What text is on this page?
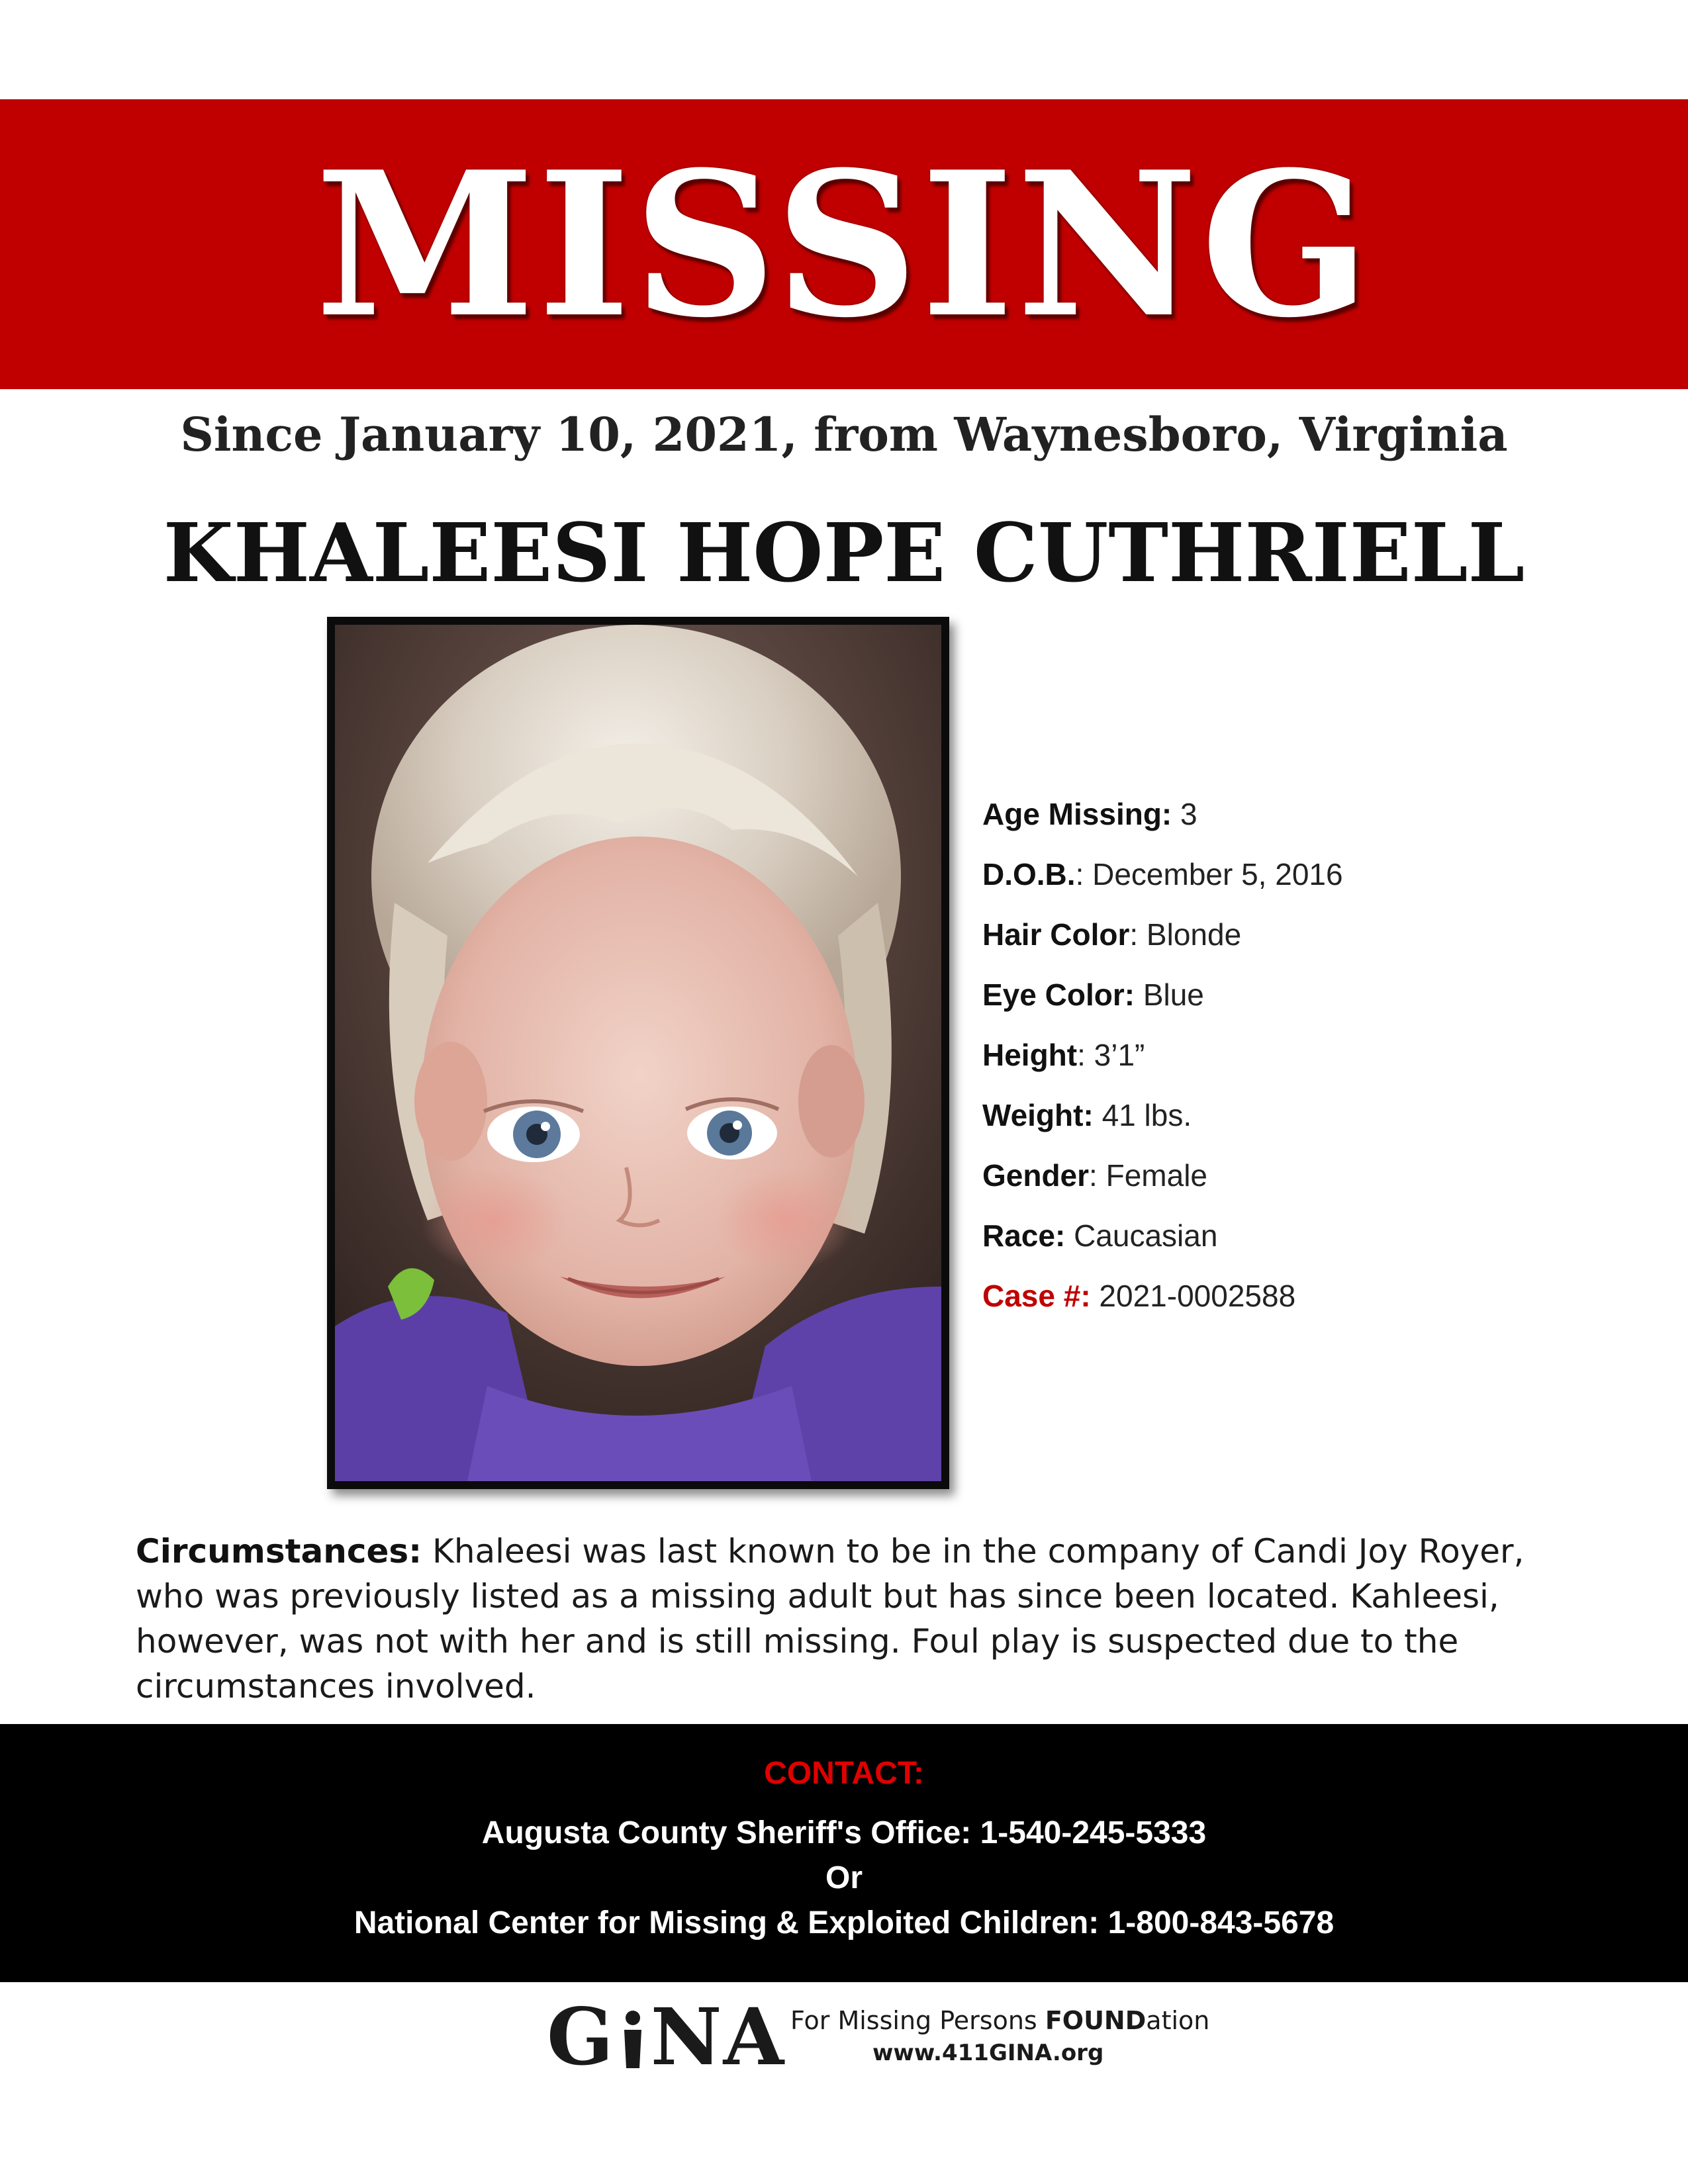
MISSING
Since January 10, 2021, from Waynesboro, Virginia
KHALEESI HOPE CUTHRIELL
Age Missing: 3
D.O.B.: December 5, 2016
Hair Color: Blonde
Eye Color: Blue
Height: 3’1”
Weight: 41 lbs.
Gender: Female
Race: Caucasian
Case #: 2021-0002588
Circumstances: Khaleesi was last known to be in the company of Candi Joy Royer, who was previously listed as a missing adult but has since been located. Kahleesi, however, was not with her and is still missing. Foul play is suspected due to the circumstances involved.
CONTACT:
Augusta County Sheriff's Office: 1-540-245-5333
Or
National Center for Missing & Exploited Children: 1-800-843-5678
G NA For Missing Persons FOUNDation
www.411GINA.org
